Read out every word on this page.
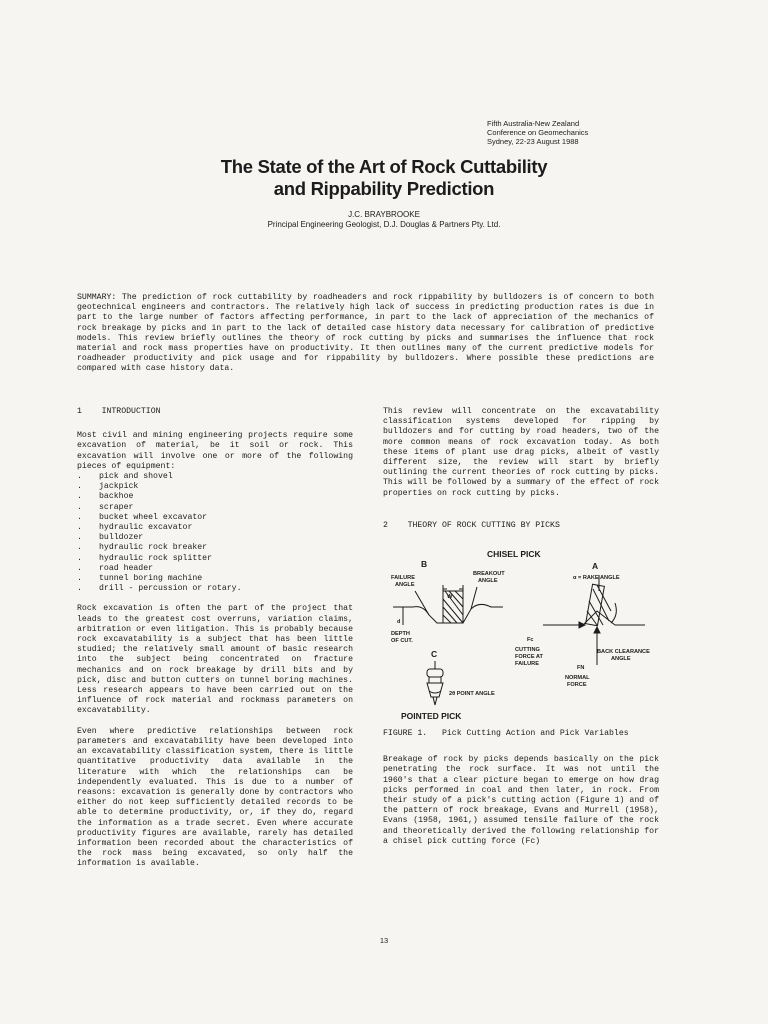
Fifth Australia-New Zealand
Conference on Geomechanics
Sydney, 22-23 August 1988
The State of the Art of Rock Cuttability
and Rippability Prediction
J.C. BRAYBROOKE
Principal Engineering Geologist, D.J. Douglas & Partners Pty. Ltd.

SUMMARY: The prediction of rock cuttability by roadheaders and rock rippability by bulldozers is of concern to both geotechnical engineers and contractors. The relatively high lack of success in predicting production rates is due in part to the large number of factors affecting performance, in part to the lack of appreciation of the mechanics of rock breakage by picks and in part to the lack of detailed case history data necessary for calibration of predictive models. This review briefly outlines the theory of rock cutting by picks and summarises the influence that rock material and rock mass properties have on productivity. It then outlines many of the current predictive models for roadheader productivity and pick usage and for rippability by bulldozers. Where possible these predictions are compared with case history data.

1    INTRODUCTION

Most civil and mining engineering projects require some excavation of material, be it soil or rock. This excavation will involve one or more of the following pieces of equipment:

. pick and shovel
. jackpick
. backhoe
. scraper
. bucket wheel excavator
. hydraulic excavator
. bulldozer
. hydraulic rock breaker
. hydraulic rock splitter
. road header
. tunnel boring machine
. drill - percussion or rotary.

Rock excavation is often the part of the project that leads to the greatest cost overruns, variation claims, arbitration or even litigation. This is probably because rock excavatability is a subject that has been little studied; the relatively small amount of basic research into the subject being concentrated on fracture mechanics and on rock breakage by drill bits and by pick, disc and button cutters on tunnel boring machines. Less research appears to have been carried out on the influence of rock material and rockmass parameters on excavatability.

Even where predictive relationships between rock parameters and excavatability have been developed into an excavatability classification system, there is little quantitative productivity data available in the literature with which the relationships can be independently evaluated. This is due to a number of reasons: excavation is generally done by contractors who either do not keep sufficiently detailed records to be able to determine productivity, or, if they do, regard the information as a trade secret. Even where accurate productivity figures are available, rarely has detailed information been recorded about the characteristics of the rock mass being excavated, so only half the information is available.

This review will concentrate on the excavatability classification systems developed for ripping by bulldozers and for cutting by road headers, two of the more common means of rock excavation today. As both these items of plant use drag picks, albeit of vastly different size, the review will start by briefly outlining the current theories of rock cutting by picks. This will be followed by a summary of the effect of rock properties on rock cutting by picks.

2    THEORY OF ROCK CUTTING BY PICKS

CHISEL PICK
B	A
FAILURE
ANGLE
BREAKOUT
ANGLE
W
d
DEPTH
OF CUT.
α = RAKE ANGLE
Fc
CUTTING
FORCE AT
FAILURE
BACK CLEARANCE
ANGLE
FN
NORMAL
FORCE
C
2θ POINT ANGLE
POINTED PICK

FIGURE 1.   Pick Cutting Action and Pick Variables

Breakage of rock by picks depends basically on the pick penetrating the rock surface. It was not until the 1960's that a clear picture began to emerge on how drag picks performed in coal and then later, in rock. From their study of a pick's cutting action (Figure 1) and of the pattern of rock breakage, Evans and Murrell (1958), Evans (1958, 1961,) assumed tensile failure of the rock and theoretically derived the following relationship for a chisel pick cutting force (Fc)

13
